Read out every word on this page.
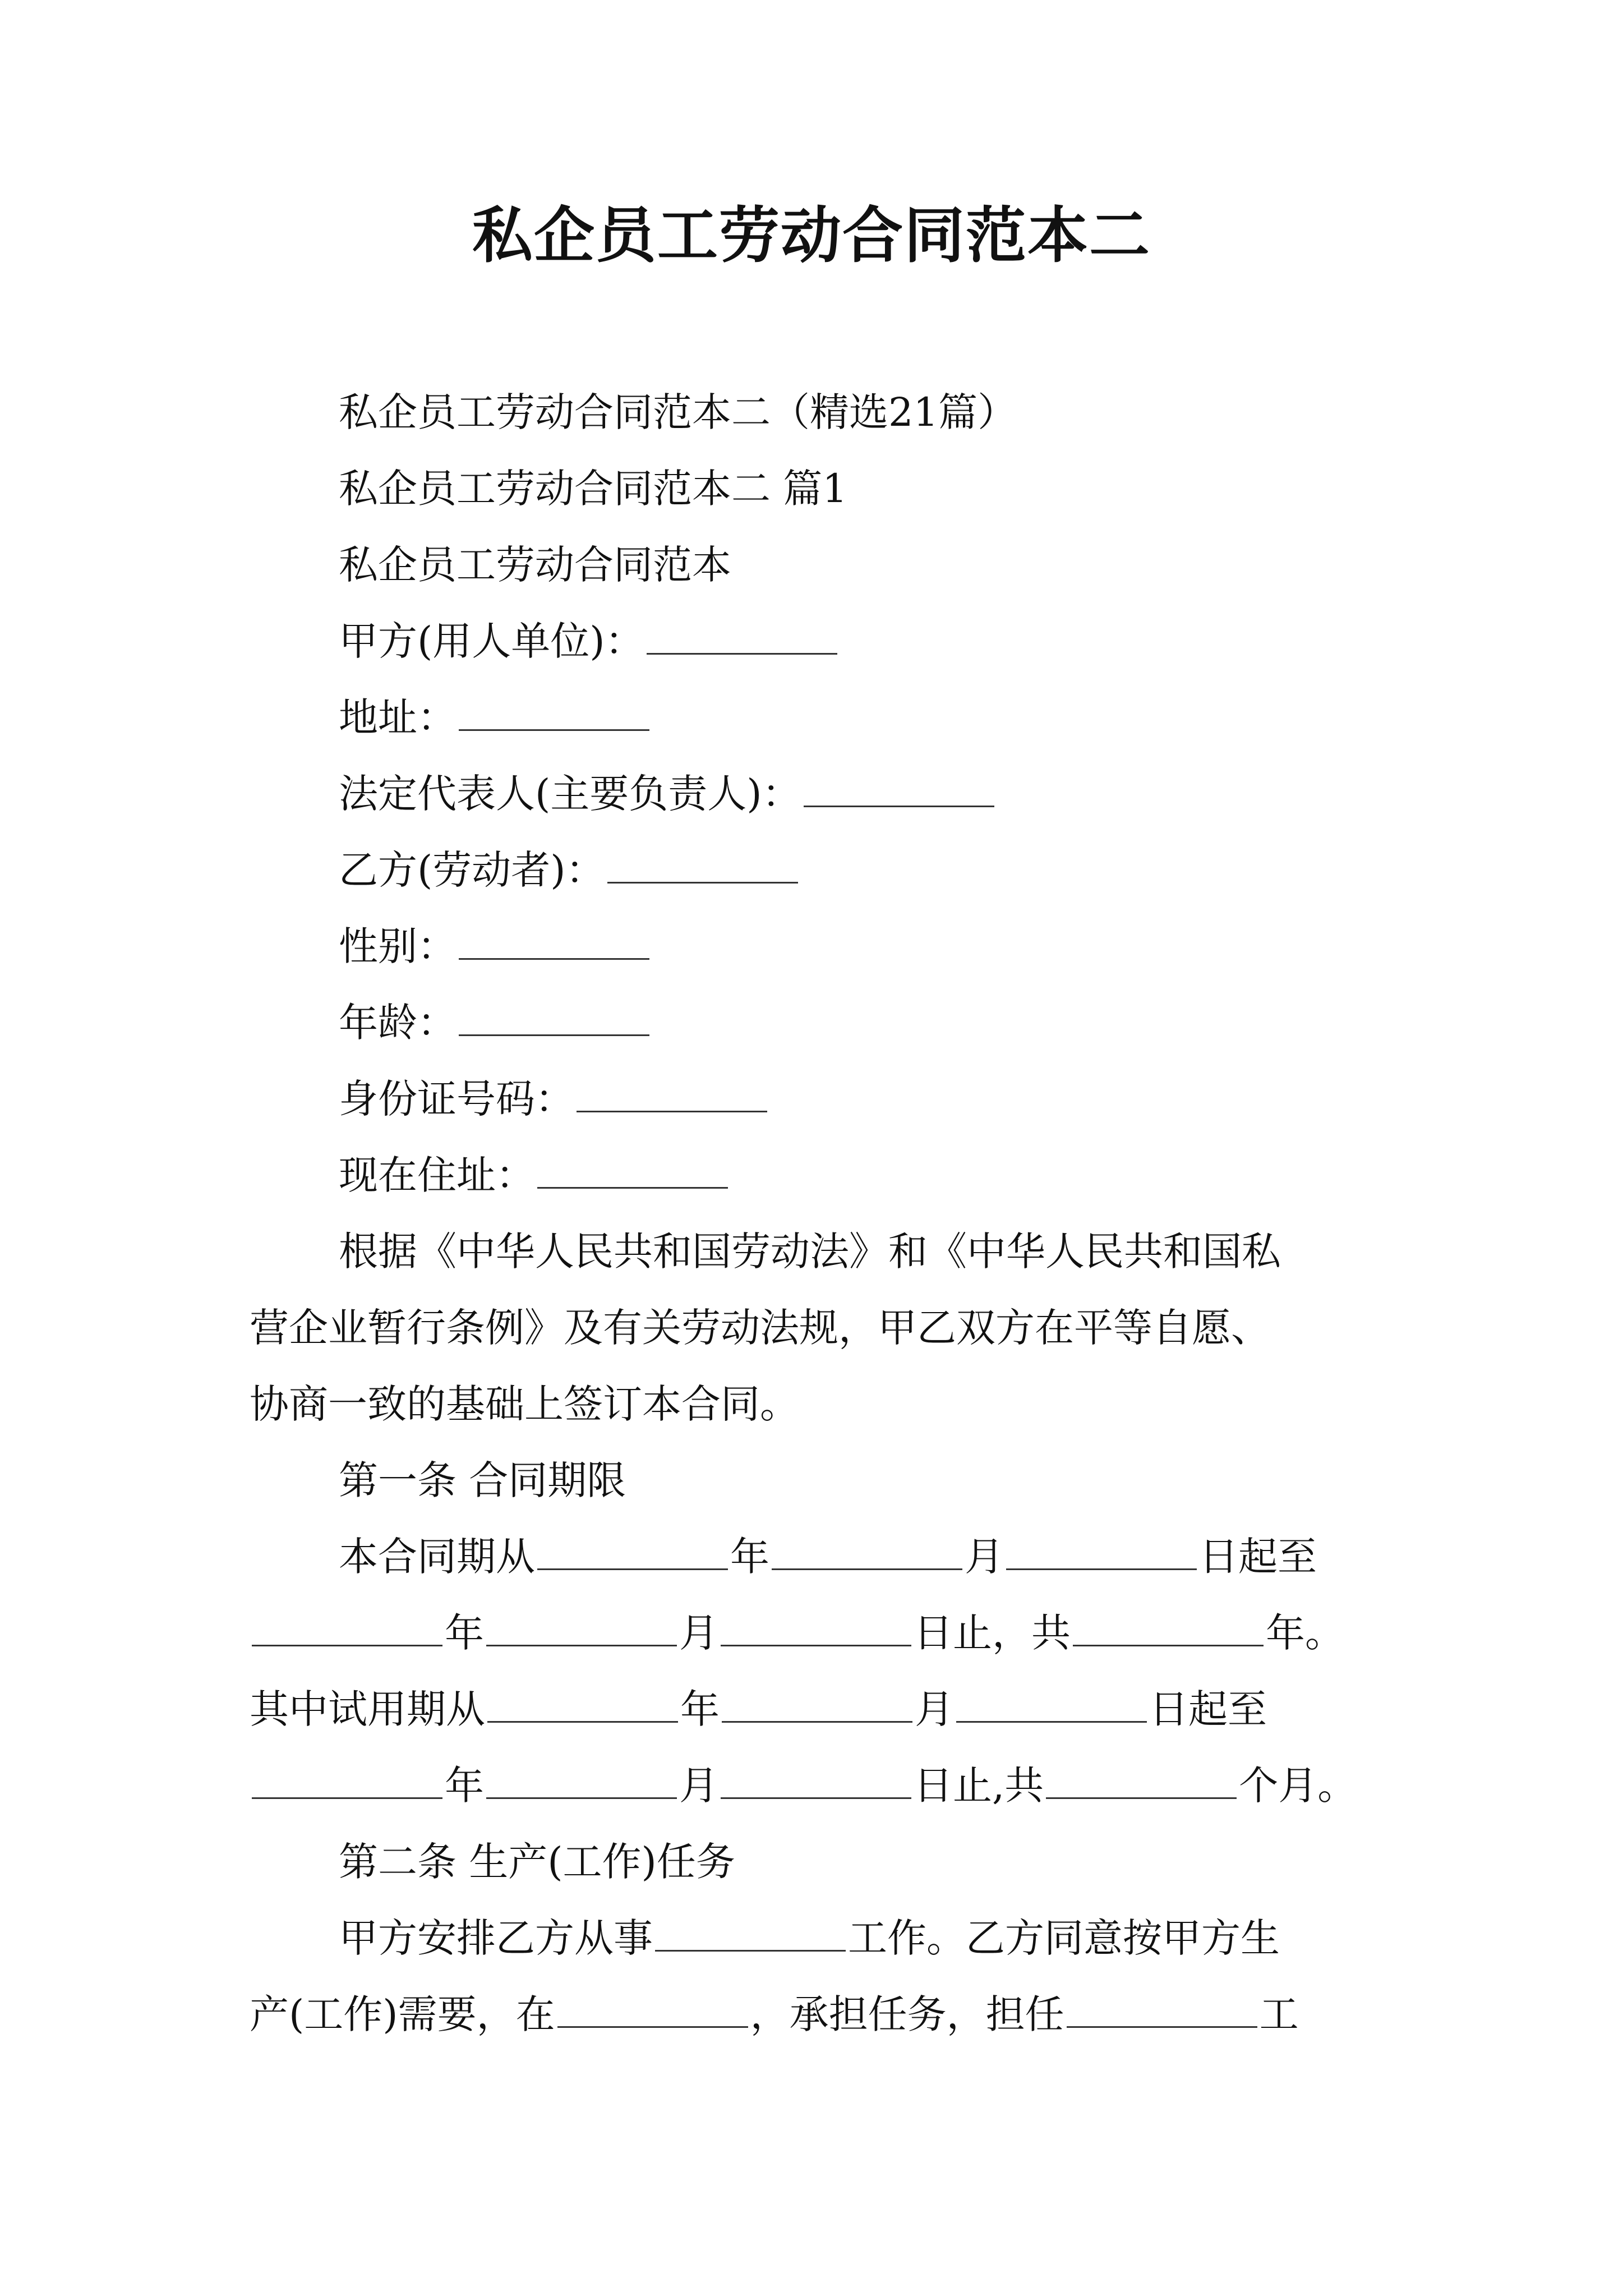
私企员工劳动合同范本二
私企员工劳动合同范本二（精选21篇）
私企员工劳动合同范本二 篇1
私企员工劳动合同范本
甲方(用人单位)：
地址：
法定代表人(主要负责人)：
乙方(劳动者)：
性别：
年龄：
身份证号码：
现在住址：
根据《中华人民共和国劳动法》和《中华人民共和国私
营企业暂行条例》及有关劳动法规，甲乙双方在平等自愿、
协商一致的基础上签订本合同。
第一条 合同期限
本合同期从	年	月	日起至
年	月	日止，共	年。
其中试用期从	年	月	日起至
年	月	日止,共	个月。
第二条 生产(工作)任务
甲方安排乙方从事	工作。乙方同意按甲方生
产(工作)需要，在	，承担任务，担任	工
